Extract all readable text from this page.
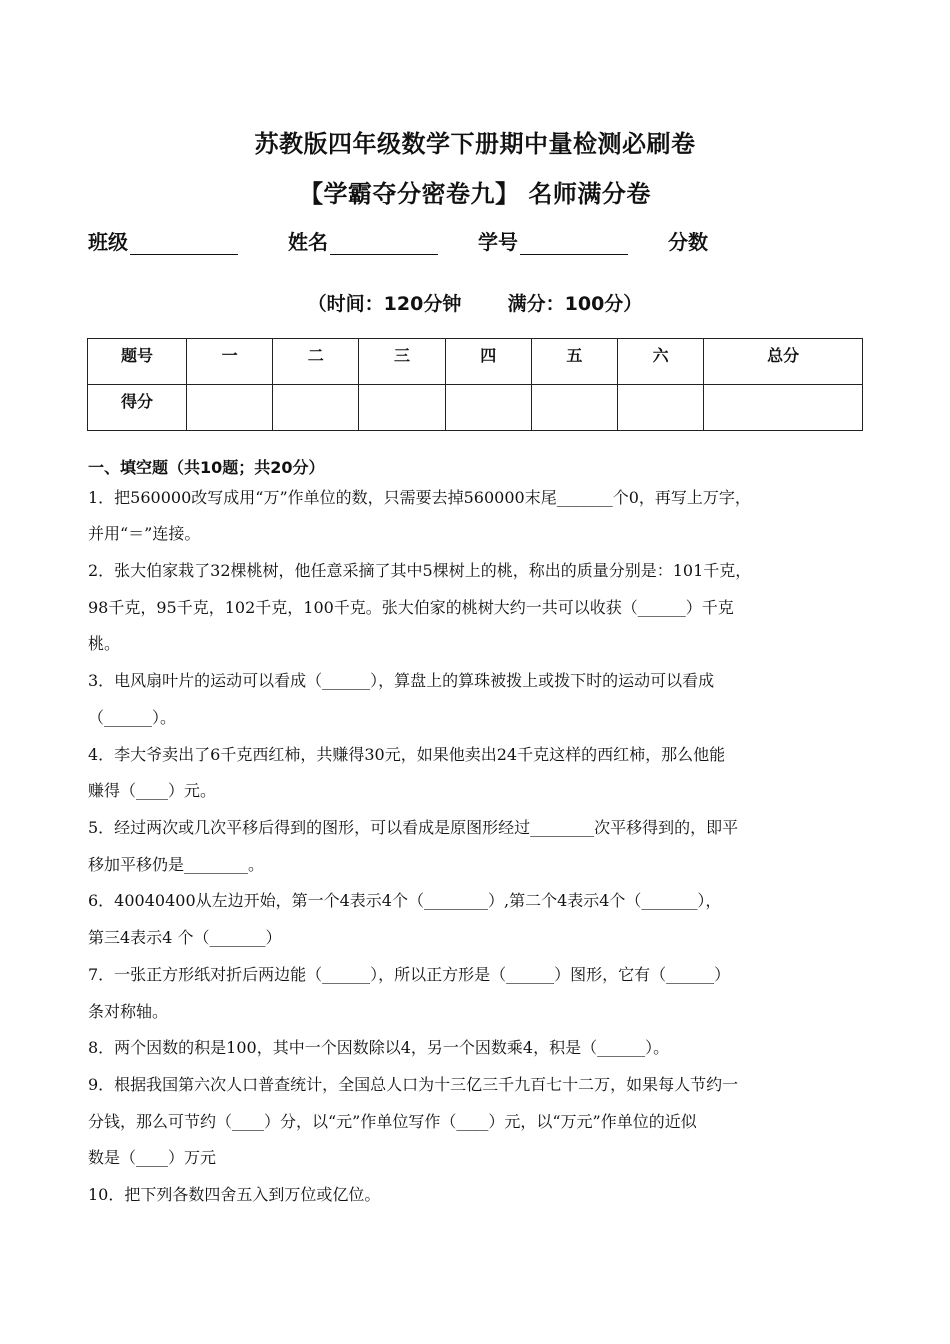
苏教版四年级数学下册期中量检测必刷卷
【学霸夺分密卷九】 名师满分卷
班级	姓名	学号	分数
（时间：120分钟       满分：100分）
题号	一	二	三	四	五	六	总分
得分							
一、填空题（共10题；共20分）
1．把560000改写成用“万”作单位的数，只需要去掉560000末尾_______个0，再写上万字，
并用“＝”连接。
2．张大伯家栽了32棵桃树，他任意采摘了其中5棵树上的桃，称出的质量分别是：101千克，
98千克，95千克，102千克，100千克。张大伯家的桃树大约一共可以收获（______）千克
桃。
3．电风扇叶片的运动可以看成（______），算盘上的算珠被拨上或拨下时的运动可以看成
（______）。
4．李大爷卖出了6千克西红柿，共赚得30元，如果他卖出24千克这样的西红柿，那么他能
赚得（____）元。
5．经过两次或几次平移后得到的图形，可以看成是原图形经过________次平移得到的，即平
移加平移仍是________。
6．40040400从左边开始，第一个4表示4个（________）,第二个4表示4个（_______），
第三4表示4 个（_______）
7．一张正方形纸对折后两边能（______），所以正方形是（______）图形，它有（______）
条对称轴。
8．两个因数的积是100，其中一个因数除以4，另一个因数乘4，积是（______）。
9．根据我国第六次人口普查统计，全国总人口为十三亿三千九百七十二万，如果每人节约一
分钱，那么可节约（____）分，以“元”作单位写作（____）元，以“万元”作单位的近似
数是（____）万元
10．把下列各数四舍五入到万位或亿位。
